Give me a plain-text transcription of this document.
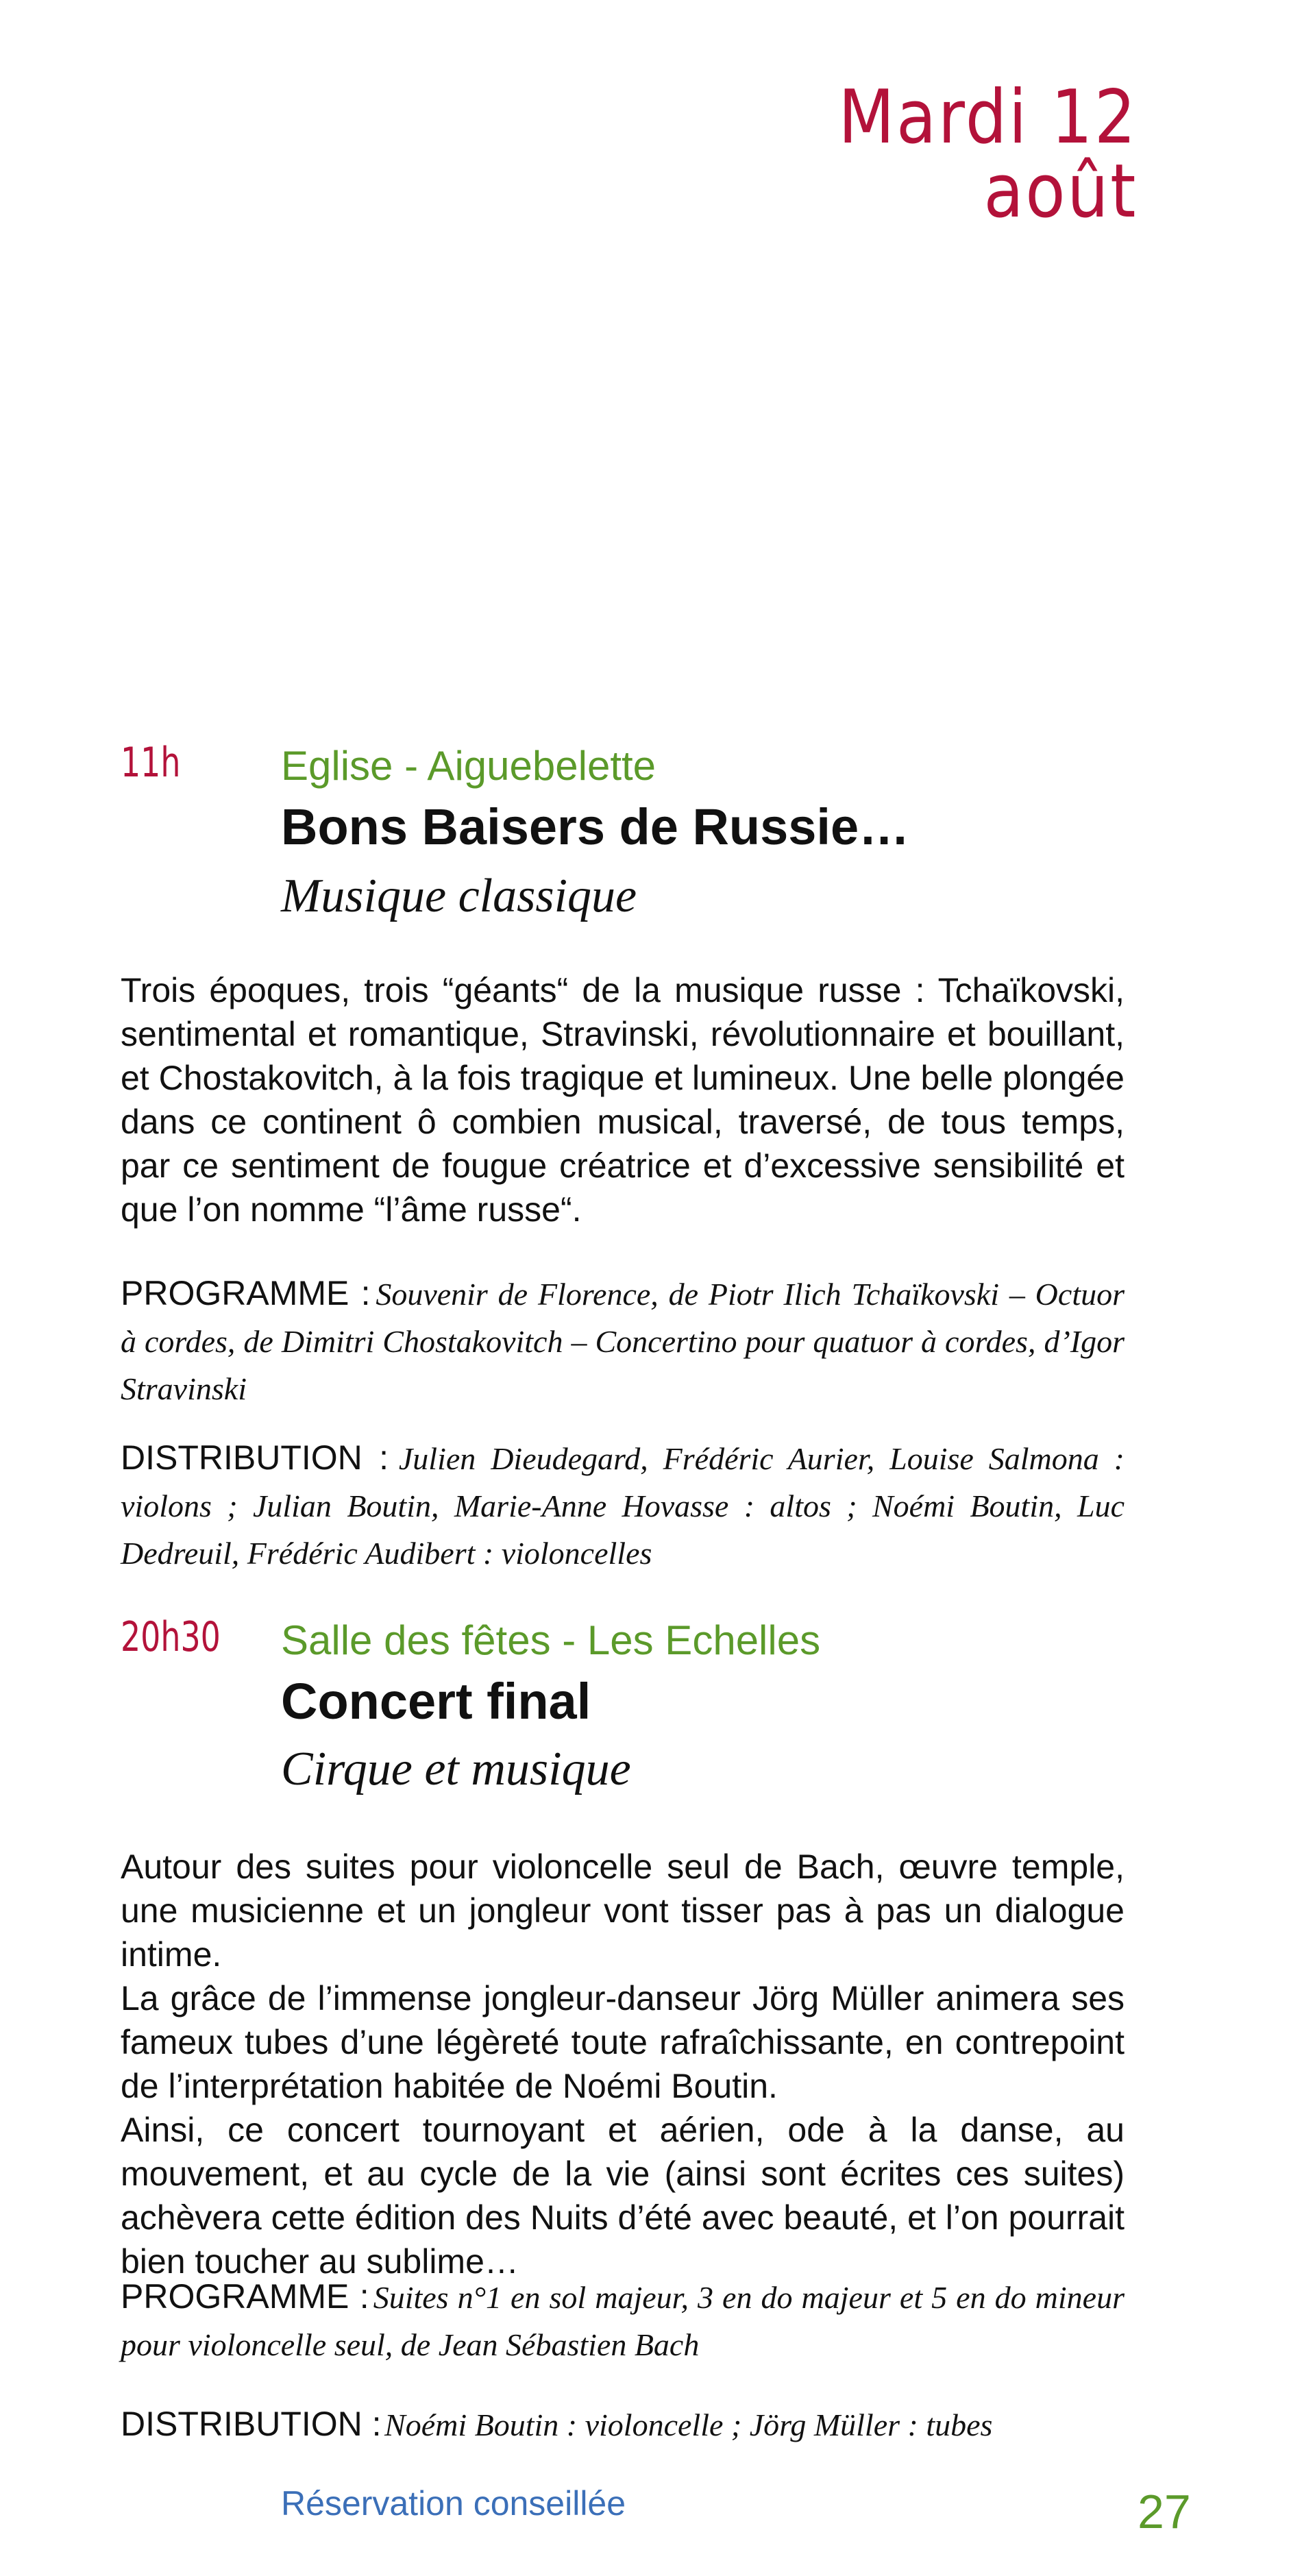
Mardi 12 août
11h Eglise - Aiguebelette
Bons Baisers de Russie…
Musique classique

Trois époques, trois “géants“ de la musique russe : Tchaïkovski, sentimental et romantique, Stravinski, révolutionnaire et bouillant, et Chostakovitch, à la fois tragique et lumineux. Une belle plongée dans ce continent ô combien musical, traversé, de tous temps, par ce sentiment de fougue créatrice et d’excessive sensibilité et que l’on nomme “l’âme russe“.

PROGRAMME : Souvenir de Florence, de Piotr Ilich Tchaïkovski – Octuor à cordes, de Dimitri Chostakovitch – Concertino pour quatuor à cordes, d’Igor Stravinski
DISTRIBUTION : Julien Dieudegard, Frédéric Aurier, Louise Salmona : violons ; Julian Boutin, Marie-Anne Hovasse : altos ; Noémi Boutin, Luc Dedreuil, Frédéric Audibert : violoncelles
20h30 Salle des fêtes - Les Echelles
Concert final
Cirque et musique

Autour des suites pour violoncelle seul de Bach, œuvre temple, une musicienne et un jongleur vont tisser pas à pas un dialogue intime.

La grâce de l’immense jongleur-danseur Jörg Müller animera ses fameux tubes d’une légèreté toute rafraîchissante, en contrepoint de l’interprétation habitée de Noémi Boutin.

Ainsi, ce concert tournoyant et aérien, ode à la danse, au mouvement, et au cycle de la vie (ainsi sont écrites ces suites) achèvera cette édition des Nuits d’été avec beauté, et l’on pourrait bien toucher au sublime…

PROGRAMME : Suites n°1 en sol majeur, 3 en do majeur et 5 en do mineur pour violoncelle seul, de Jean Sébastien Bach
DISTRIBUTION : Noémi Boutin : violoncelle ; Jörg Müller : tubes
Réservation conseillée	27
